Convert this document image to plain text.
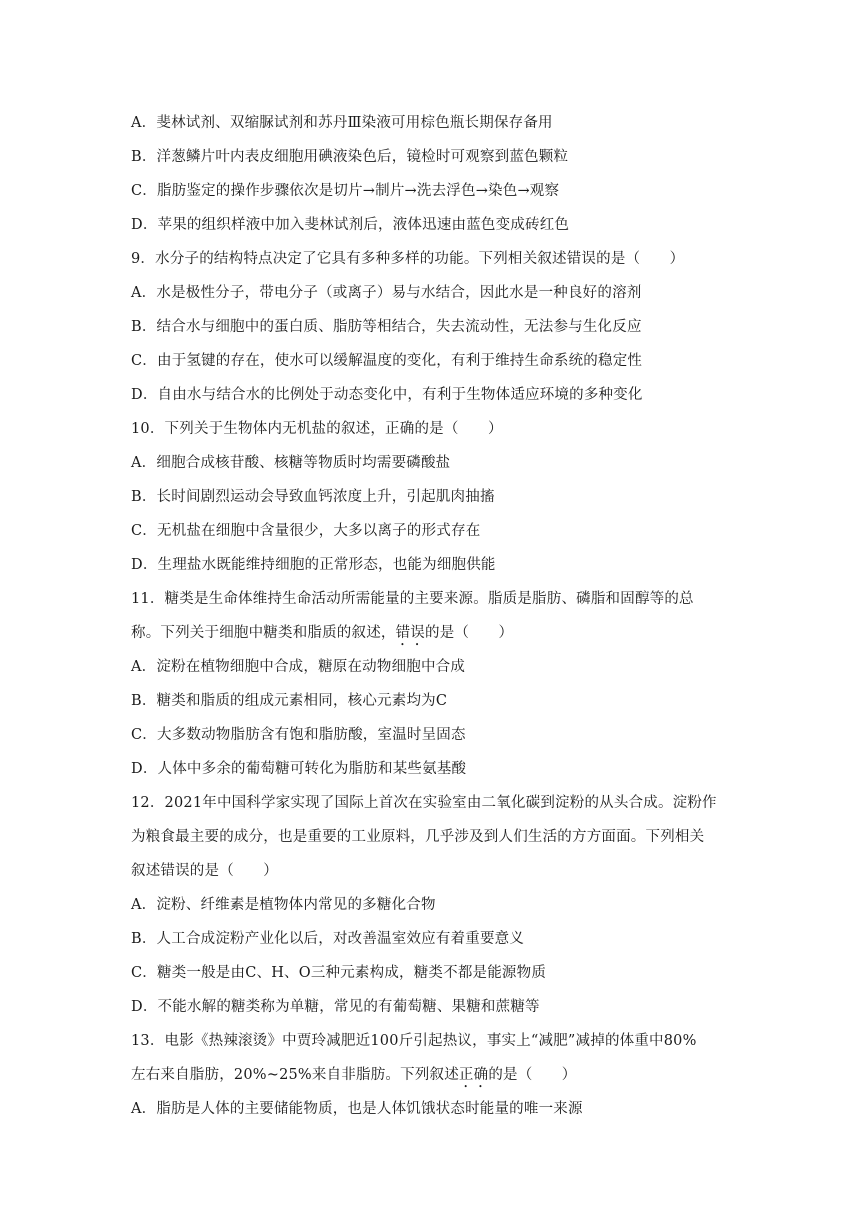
A．斐林试剂、双缩脲试剂和苏丹Ⅲ染液可用棕色瓶长期保存备用
B．洋葱鳞片叶内表皮细胞用碘液染色后，镜检时可观察到蓝色颗粒
C．脂肪鉴定的操作步骤依次是切片→制片→洗去浮色→染色→观察
D．苹果的组织样液中加入斐林试剂后，液体迅速由蓝色变成砖红色
9．水分子的结构特点决定了它具有多种多样的功能。下列相关叙述错误的是（　　）
A．水是极性分子，带电分子（或离子）易与水结合，因此水是一种良好的溶剂
B．结合水与细胞中的蛋白质、脂肪等相结合，失去流动性，无法参与生化反应
C．由于氢键的存在，使水可以缓解温度的变化，有利于维持生命系统的稳定性
D．自由水与结合水的比例处于动态变化中，有利于生物体适应环境的多种变化
10．下列关于生物体内无机盐的叙述，正确的是（　　）
A．细胞合成核苷酸、核糖等物质时均需要磷酸盐
B．长时间剧烈运动会导致血钙浓度上升，引起肌肉抽搐
C．无机盐在细胞中含量很少，大多以离子的形式存在
D．生理盐水既能维持细胞的正常形态，也能为细胞供能
11．糖类是生命体维持生命活动所需能量的主要来源。脂质是脂肪、磷脂和固醇等的总
称。下列关于细胞中糖类和脂质的叙述，错误的是（　　）
A．淀粉在植物细胞中合成，糖原在动物细胞中合成
B．糖类和脂质的组成元素相同，核心元素均为C
C．大多数动物脂肪含有饱和脂肪酸，室温时呈固态
D．人体中多余的葡萄糖可转化为脂肪和某些氨基酸
12．2021年中国科学家实现了国际上首次在实验室由二氧化碳到淀粉的从头合成。淀粉作
为粮食最主要的成分，也是重要的工业原料，几乎涉及到人们生活的方方面面。下列相关
叙述错误的是（　　）
A．淀粉、纤维素是植物体内常见的多糖化合物
B．人工合成淀粉产业化以后，对改善温室效应有着重要意义
C．糖类一般是由C、H、O三种元素构成，糖类不都是能源物质
D．不能水解的糖类称为单糖，常见的有葡萄糖、果糖和蔗糖等
13．电影《热辣滚烫》中贾玲减肥近100斤引起热议，事实上“减肥”减掉的体重中80%
左右来自脂肪，20%~25%来自非脂肪。下列叙述正确的是（　　）
A．脂肪是人体的主要储能物质，也是人体饥饿状态时能量的唯一来源
